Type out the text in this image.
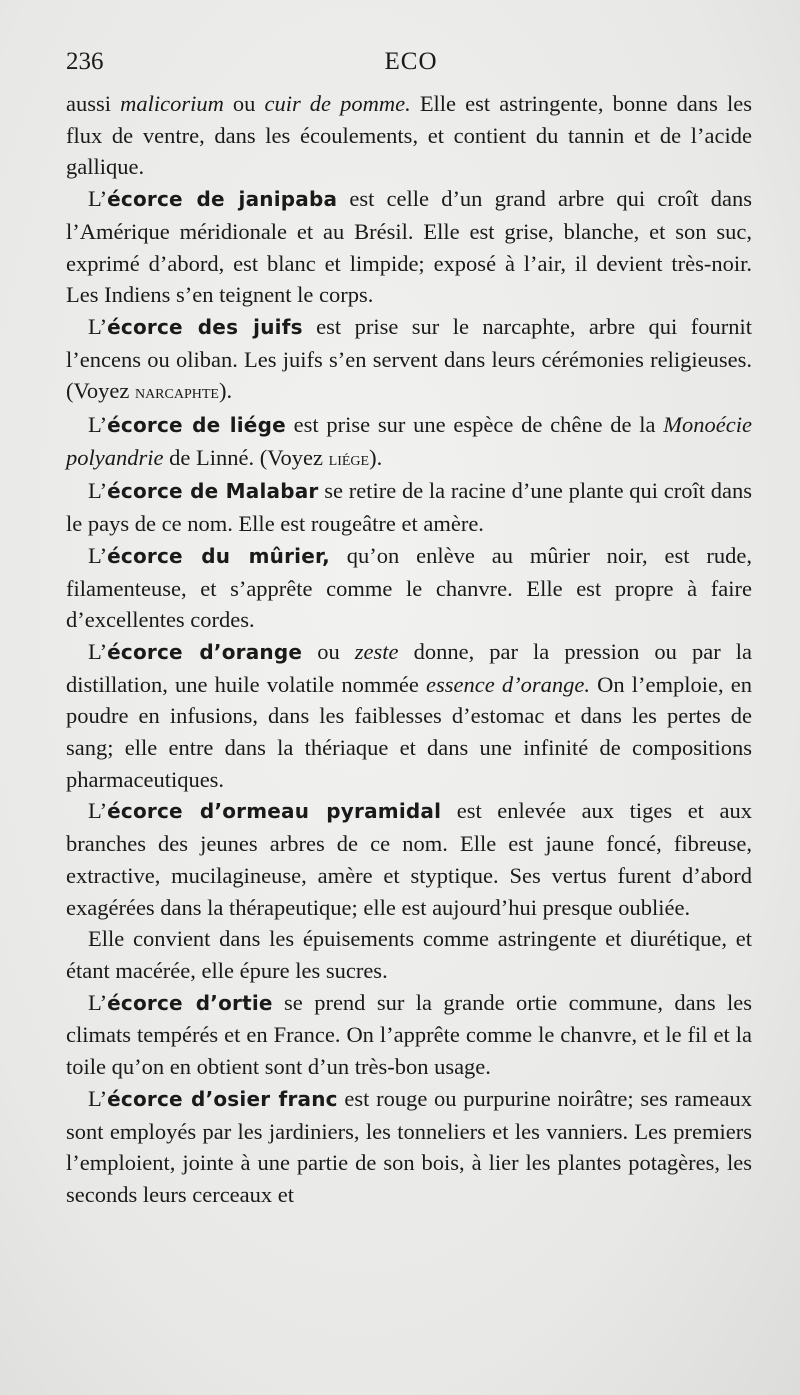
236	ECO

aussi malicorium ou cuir de pomme. Elle est astringente, bonne dans les flux de ventre, dans les écoulements, et contient du tannin et de l’acide gallique.

L’écorce de janipaba est celle d’un grand arbre qui croît dans l’Amérique méridionale et au Brésil. Elle est grise, blanche, et son suc, exprimé d’abord, est blanc et limpide; exposé à l’air, il devient très-noir. Les Indiens s’en teignent le corps.

L’écorce des juifs est prise sur le narcaphte, arbre qui fournit l’encens ou oliban. Les juifs s’en servent dans leurs cérémonies religieuses. (Voyez narcaphte).

L’écorce de liége est prise sur une espèce de chêne de la Monoécie polyandrie de Linné. (Voyez liége).

L’écorce de Malabar se retire de la racine d’une plante qui croît dans le pays de ce nom. Elle est rougeâtre et amère.

L’écorce du mûrier, qu’on enlève au mûrier noir, est rude, filamenteuse, et s’apprête comme le chanvre. Elle est propre à faire d’excellentes cordes.

L’écorce d’orange ou zeste donne, par la pression ou par la distillation, une huile volatile nommée essence d’orange. On l’emploie, en poudre en infusions, dans les faiblesses d’estomac et dans les pertes de sang; elle entre dans la thériaque et dans une infinité de compositions pharmaceutiques.

L’écorce d’ormeau pyramidal est enlevée aux tiges et aux branches des jeunes arbres de ce nom. Elle est jaune foncé, fibreuse, extractive, mucilagineuse, amère et styptique. Ses vertus furent d’abord exagérées dans la thérapeutique; elle est aujourd’hui presque oubliée.

Elle convient dans les épuisements comme astringente et diurétique, et étant macérée, elle épure les sucres.

L’écorce d’ortie se prend sur la grande ortie commune, dans les climats tempérés et en France. On l’apprête comme le chanvre, et le fil et la toile qu’on en obtient sont d’un très-bon usage.

L’écorce d’osier franc est rouge ou purpurine noirâtre; ses rameaux sont employés par les jardiniers, les tonneliers et les vanniers. Les premiers l’emploient, jointe à une partie de son bois, à lier les plantes potagères, les seconds leurs cerceaux et
